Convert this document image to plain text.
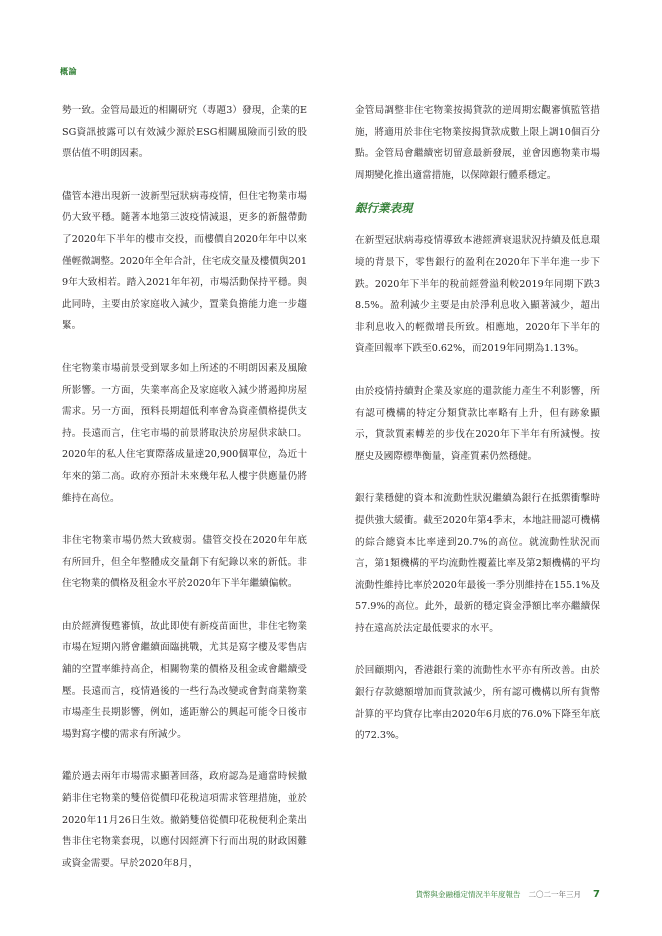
概論

勢一致。金管局最近的相關研究（專題3）發現，企業的ESG資訊披露可以有效減少源於ESG相關風險而引致的股票估值不明朗因素。

儘管本港出現新一波新型冠狀病毒疫情，但住宅物業市場仍大致平穩。隨著本地第三波疫情減退，更多的新盤帶動了2020年下半年的樓市交投，而樓價自2020年年中以來僅輕微調整。2020年全年合計，住宅成交量及樓價與2019年大致相若。踏入2021年年初，市場活動保持平穩。與此同時，主要由於家庭收入減少，置業負擔能力進一步趨緊。

住宅物業市場前景受到眾多如上所述的不明朗因素及風險所影響。一方面，失業率高企及家庭收入減少將遏抑房屋需求。另一方面，預料長期超低利率會為資產價格提供支持。長遠而言，住宅市場的前景將取決於房屋供求缺口。2020年的私人住宅實際落成量達20,900個單位，為近十年來的第二高。政府亦預計未來幾年私人樓宇供應量仍將維持在高位。

非住宅物業市場仍然大致疲弱。儘管交投在2020年年底有所回升，但全年整體成交量創下有紀錄以來的新低。非住宅物業的價格及租金水平於2020年下半年繼續偏軟。

由於經濟復甦審慎，故此即使有新疫苗面世，非住宅物業市場在短期內將會繼續面臨挑戰，尤其是寫字樓及零售店舖的空置率維持高企，相關物業的價格及租金或會繼續受壓。長遠而言，疫情過後的一些行為改變或會對商業物業市場產生長期影響，例如，遙距辦公的興起可能令日後市場對寫字樓的需求有所減少。

鑑於過去兩年市場需求顯著回落，政府認為是適當時候撤銷非住宅物業的雙倍從價印花稅這項需求管理措施，並於2020年11月26日生效。撤銷雙倍從價印花稅便利企業出售非住宅物業套現，以應付因經濟下行而出現的財政困難或資金需要。早於2020年8月，

金管局調整非住宅物業按揭貸款的逆周期宏觀審慎監管措施，將適用於非住宅物業按揭貸款成數上限上調10個百分點。金管局會繼續密切留意最新發展，並會因應物業市場周期變化推出適當措施，以保障銀行體系穩定。

銀行業表現

在新型冠狀病毒疫情導致本港經濟衰退狀況持續及低息環境的背景下，零售銀行的盈利在2020年下半年進一步下跌。2020年下半年的稅前經營溢利較2019年同期下跌38.5%。盈利減少主要是由於淨利息收入顯著減少，超出非利息收入的輕微增長所致。相應地，2020年下半年的資產回報率下跌至0.62%，而2019年同期為1.13%。

由於疫情持續對企業及家庭的還款能力產生不利影響，所有認可機構的特定分類貸款比率略有上升，但有跡象顯示，貸款質素轉差的步伐在2020年下半年有所減慢。按歷史及國際標準衡量，資產質素仍然穩健。

銀行業穩健的資本和流動性狀況繼續為銀行在抵禦衝擊時提供強大緩衝。截至2020年第4季末，本地註冊認可機構的綜合總資本比率達到20.7%的高位。就流動性狀況而言，第1類機構的平均流動性覆蓋比率及第2類機構的平均流動性維持比率於2020年最後一季分別維持在155.1%及57.9%的高位。此外，最新的穩定資金淨額比率亦繼續保持在遠高於法定最低要求的水平。

於回顧期內，香港銀行業的流動性水平亦有所改善。由於銀行存款總額增加而貸款減少，所有認可機構以所有貨幣計算的平均貸存比率由2020年6月底的76.0%下降至年底的72.3%。

貨幣與金融穩定情況半年度報告 二〇二一年三月 7
